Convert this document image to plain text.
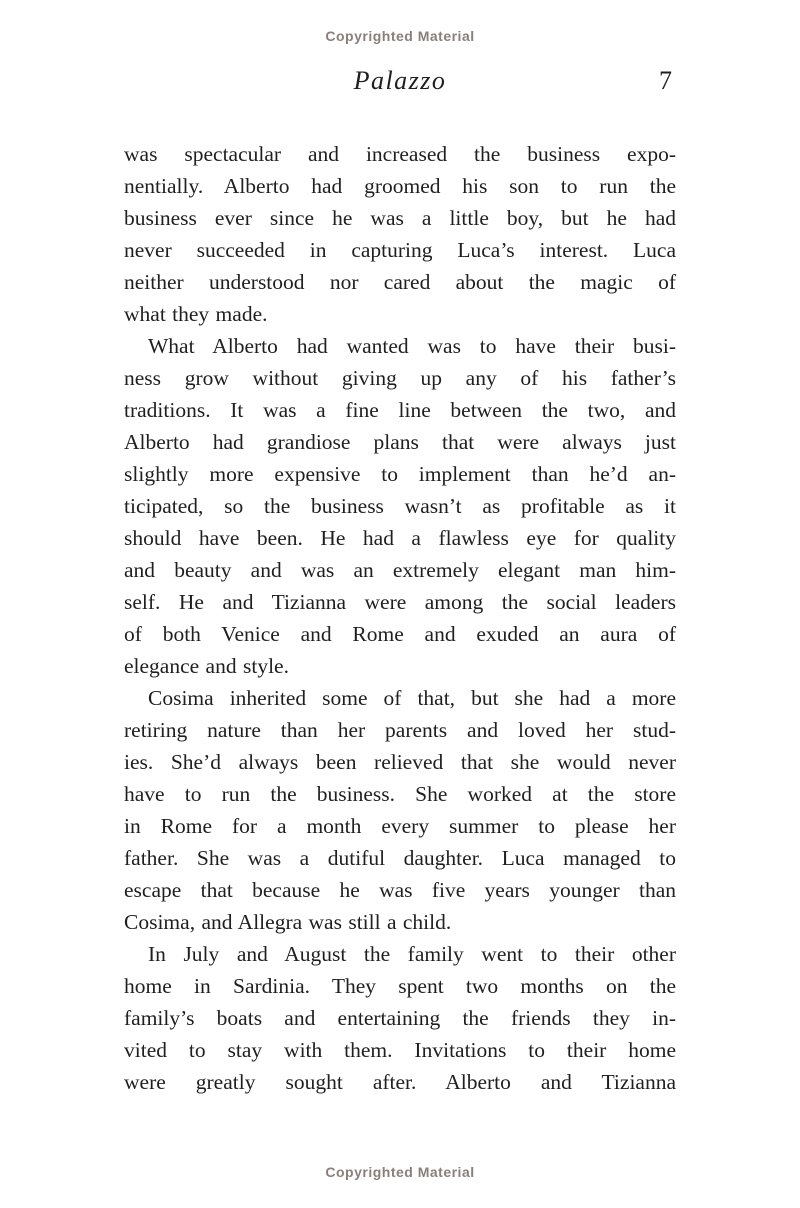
Copyrighted Material
Palazzo	7
was spectacular and increased the business expo-
nentially. Alberto had groomed his son to run the
business ever since he was a little boy, but he had
never succeeded in capturing Luca’s interest. Luca
neither understood nor cared about the magic of
what they made.
What Alberto had wanted was to have their busi-
ness grow without giving up any of his father’s
traditions. It was a fine line between the two, and
Alberto had grandiose plans that were always just
slightly more expensive to implement than he’d an-
ticipated, so the business wasn’t as profitable as it
should have been. He had a flawless eye for quality
and beauty and was an extremely elegant man him-
self. He and Tizianna were among the social leaders
of both Venice and Rome and exuded an aura of
elegance and style.
Cosima inherited some of that, but she had a more
retiring nature than her parents and loved her stud-
ies. She’d always been relieved that she would never
have to run the business. She worked at the store
in Rome for a month every summer to please her
father. She was a dutiful daughter. Luca managed to
escape that because he was five years younger than
Cosima, and Allegra was still a child.
In July and August the family went to their other
home in Sardinia. They spent two months on the
family’s boats and entertaining the friends they in-
vited to stay with them. Invitations to their home
were greatly sought after. Alberto and Tizianna
Copyrighted Material
